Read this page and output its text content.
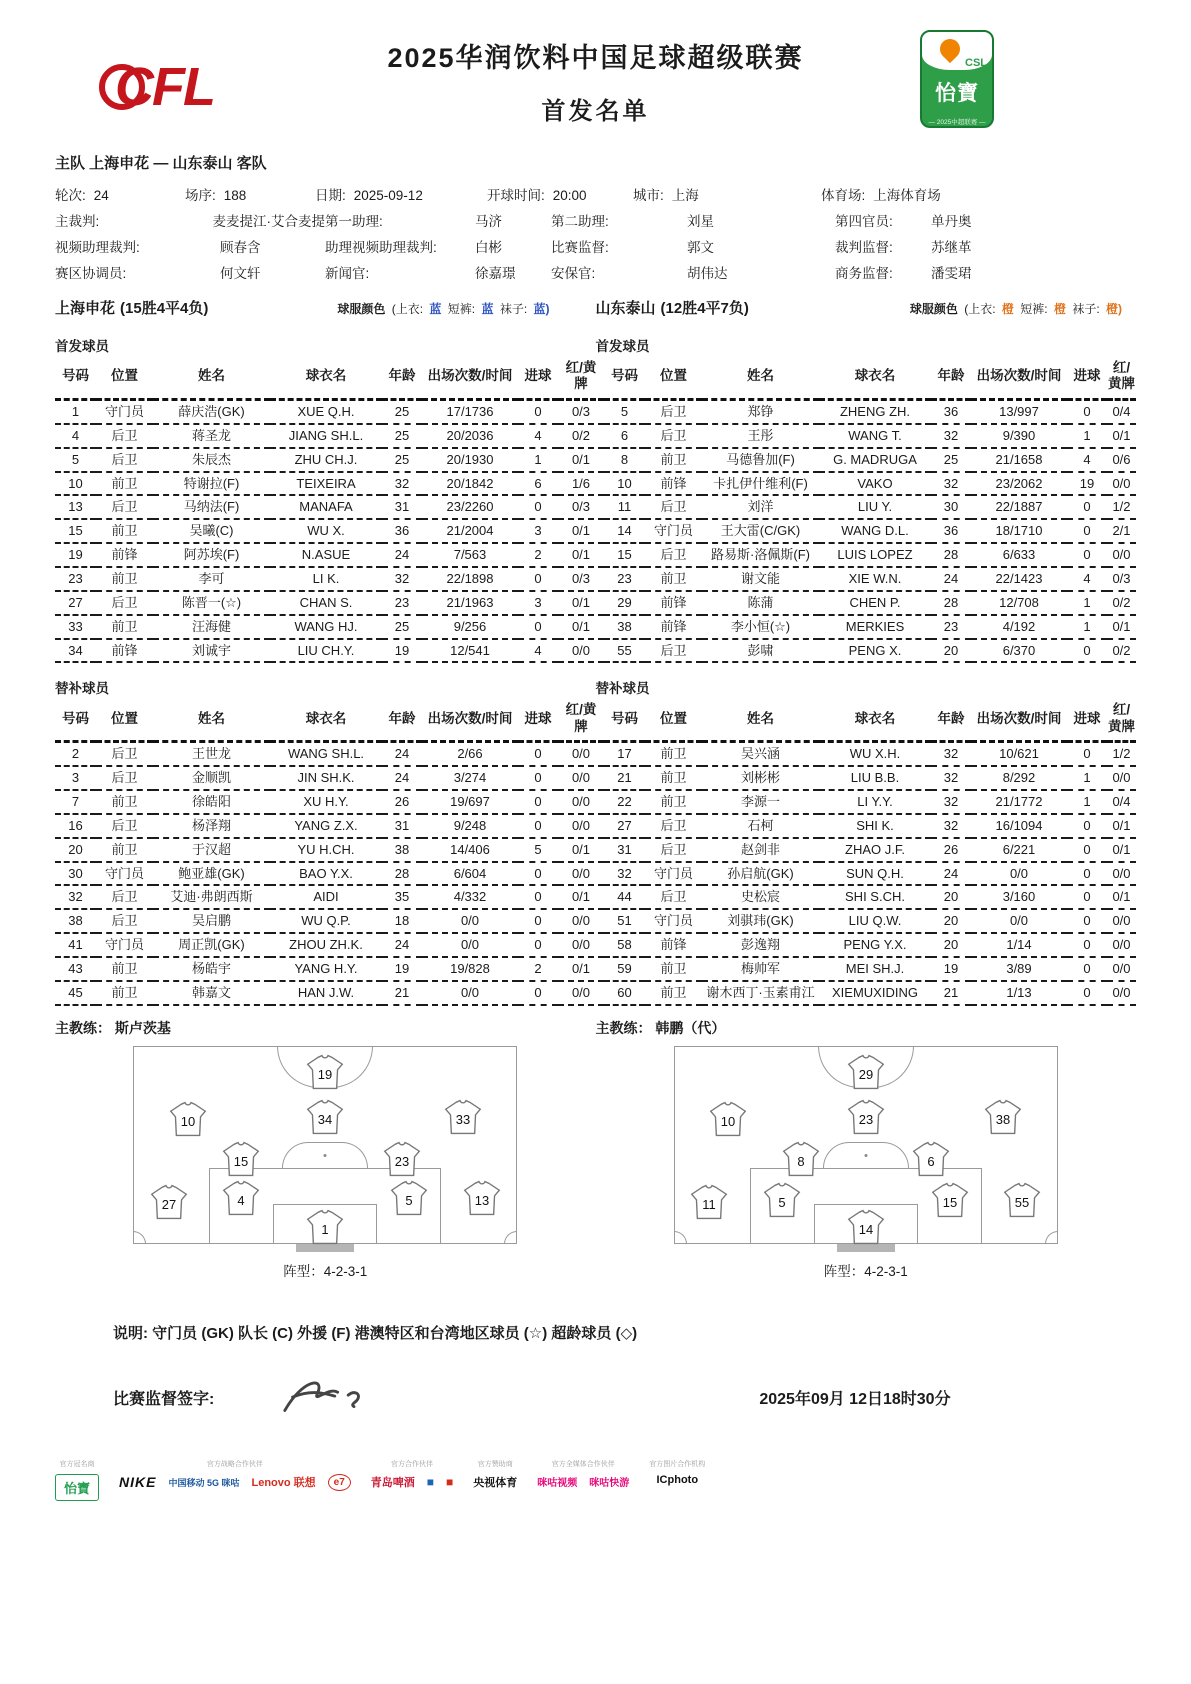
CFL	2025华润饮料中国足球超级联赛
首发名单
CSL
怡寶
— 2025中超联赛 —
主队 上海申花 — 山东泰山 客队
轮次: 24	场序: 188	日期: 2025-09-12	开球时间: 20:00	城市: 上海	体育场: 上海体育场
主裁判:	麦麦提江·艾合麦提 第一助理:	马济	第二助理:	刘星	第四官员:	单丹奥
视频助理裁判:	顾春含	助理视频助理裁判:	白彬	比赛监督:	郭文	裁判监督:	苏继革
赛区协调员:	何文轩	新闻官:	徐嘉璟	安保官:	胡伟达	商务监督:	潘雯珺
上海申花 (15胜4平4负)	球服颜色 (上衣: 蓝 短裤: 蓝 袜子: 蓝)	山东泰山 (12胜4平7负)	球服颜色 (上衣: 橙 短裤: 橙 袜子: 橙)
首发球员	首发球员
号码	位置	姓名	球衣名	年龄	出场次数/时间	进球	红/黄牌	号码	位置	姓名	球衣名	年龄	出场次数/时间	进球	红/黄牌
1	守门员	薛庆浩(GK)	XUE Q.H.	25	17/1736	0	0/3	5	后卫	郑铮	ZHENG ZH.	36	13/997	0	0/4
4	后卫	蒋圣龙	JIANG SH.L.	25	20/2036	4	0/2	6	后卫	王彤	WANG T.	32	9/390	1	0/1
5	后卫	朱辰杰	ZHU CH.J.	25	20/1930	1	0/1	8	前卫	马德鲁加(F)	G. MADRUGA	25	21/1658	4	0/6
10	前卫	特谢拉(F)	TEIXEIRA	32	20/1842	6	1/6	10	前锋	卡扎伊什维利(F)	VAKO	32	23/2062	19	0/0
13	后卫	马纳法(F)	MANAFA	31	23/2260	0	0/3	11	后卫	刘洋	LIU Y.	30	22/1887	0	1/2
15	前卫	吴曦(C)	WU X.	36	21/2004	3	0/1	14	守门员	王大雷(C/GK)	WANG D.L.	36	18/1710	0	2/1
19	前锋	阿苏埃(F)	N.ASUE	24	7/563	2	0/1	15	后卫	路易斯·洛佩斯(F)	LUIS LOPEZ	28	6/633	0	0/0
23	前卫	李可	LI K.	32	22/1898	0	0/3	23	前卫	谢文能	XIE W.N.	24	22/1423	4	0/3
27	后卫	陈晋一(☆)	CHAN S.	23	21/1963	3	0/1	29	前锋	陈蒲	CHEN P.	28	12/708	1	0/2
33	前卫	汪海健	WANG HJ.	25	9/256	0	0/1	38	前锋	李小恒(☆)	MERKIES	23	4/192	1	0/1
34	前锋	刘诚宇	LIU CH.Y.	19	12/541	4	0/0	55	后卫	彭啸	PENG X.	20	6/370	0	0/2
替补球员	替补球员
号码	位置	姓名	球衣名	年龄	出场次数/时间	进球	红/黄牌	号码	位置	姓名	球衣名	年龄	出场次数/时间	进球	红/黄牌
2	后卫	王世龙	WANG SH.L.	24	2/66	0	0/0	17	前卫	吴兴涵	WU X.H.	32	10/621	0	1/2
3	后卫	金顺凯	JIN SH.K.	24	3/274	0	0/0	21	前卫	刘彬彬	LIU B.B.	32	8/292	1	0/0
7	前卫	徐皓阳	XU H.Y.	26	19/697	0	0/0	22	前卫	李源一	LI Y.Y.	32	21/1772	1	0/4
16	后卫	杨泽翔	YANG Z.X.	31	9/248	0	0/0	27	后卫	石柯	SHI K.	32	16/1094	0	0/1
20	前卫	于汉超	YU H.CH.	38	14/406	5	0/1	31	后卫	赵剑非	ZHAO J.F.	26	6/221	0	0/1
30	守门员	鲍亚雄(GK)	BAO Y.X.	28	6/604	0	0/0	32	守门员	孙启航(GK)	SUN Q.H.	24	0/0	0	0/0
32	后卫	艾迪·弗朗西斯	AIDI	35	4/332	0	0/1	44	后卫	史松宸	SHI S.CH.	20	3/160	0	0/1
38	后卫	吴启鹏	WU Q.P.	18	0/0	0	0/0	51	守门员	刘骐玮(GK)	LIU Q.W.	20	0/0	0	0/0
41	守门员	周正凯(GK)	ZHOU ZH.K.	24	0/0	0	0/0	58	前锋	彭逸翔	PENG Y.X.	20	1/14	0	0/0
43	前卫	杨皓宇	YANG H.Y.	19	19/828	2	0/1	59	前卫	梅帅军	MEI SH.J.	19	3/89	0	0/0
45	前卫	韩嘉文	HAN J.W.	21	0/0	0	0/0	60	前卫	谢木西丁·玉素甫江	XIEMUXIDING	21	1/13	0	0/0
主教练： 斯卢茨基	主教练： 韩鹏（代）
19
10	34	33
15	23
27	4	5	13
1
29
10	23	38
8	6
11	5	15	55
14
阵型：4-2-3-1	阵型：4-2-3-1
说明: 守门员 (GK) 队长 (C) 外援 (F) 港澳特区和台湾地区球员 (☆) 超龄球员 (◇)
比赛监督签字:	2025年09月 12日18时30分
官方冠名商
怡寶
官方战略合作伙伴
NIKE 中国移动 5G 咪咕 Lenovo 联想	e7
官方合作伙伴
青岛啤酒 ■ ■
官方赞助商
央视体育
官方全媒体合作伙伴
咪咕视频 咪咕快游
官方图片合作机构
ICphoto
